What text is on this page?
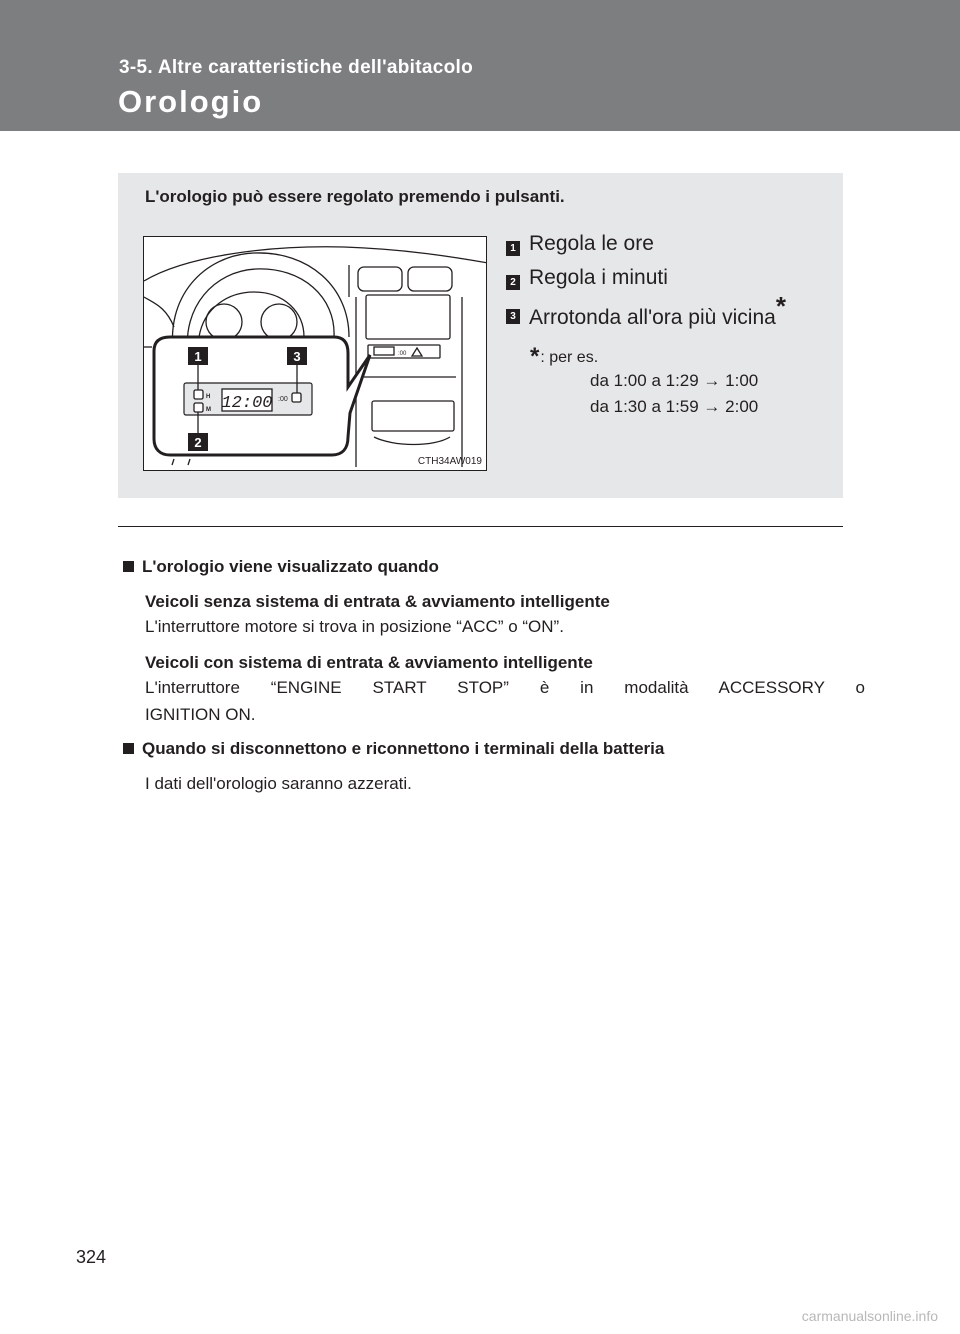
3-5. Altre caratteristiche dell'abitacolo
Orologio
L'orologio può essere regolato premendo i pulsanti.
:00
1	3
2
12:00
H
M
:00
CTH34AW019
1 Regola le ore
2 Regola i minuti
3 Arrotonda all'ora più vicina*
*: per es.
da 1:00 a 1:29 → 1:00
da 1:30 a 1:59 → 2:00
L'orologio viene visualizzato quando
Veicoli senza sistema di entrata & avviamento intelligente
L'interruttore motore si trova in posizione “ACC” o “ON”.
Veicoli con sistema di entrata & avviamento intelligente
L'interruttore “ENGINE START STOP” è in modalità ACCESSORY o
IGNITION ON.
Quando si disconnettono e riconnettono i terminali della batteria
I dati dell'orologio saranno azzerati.
324
carmanualsonline.info
